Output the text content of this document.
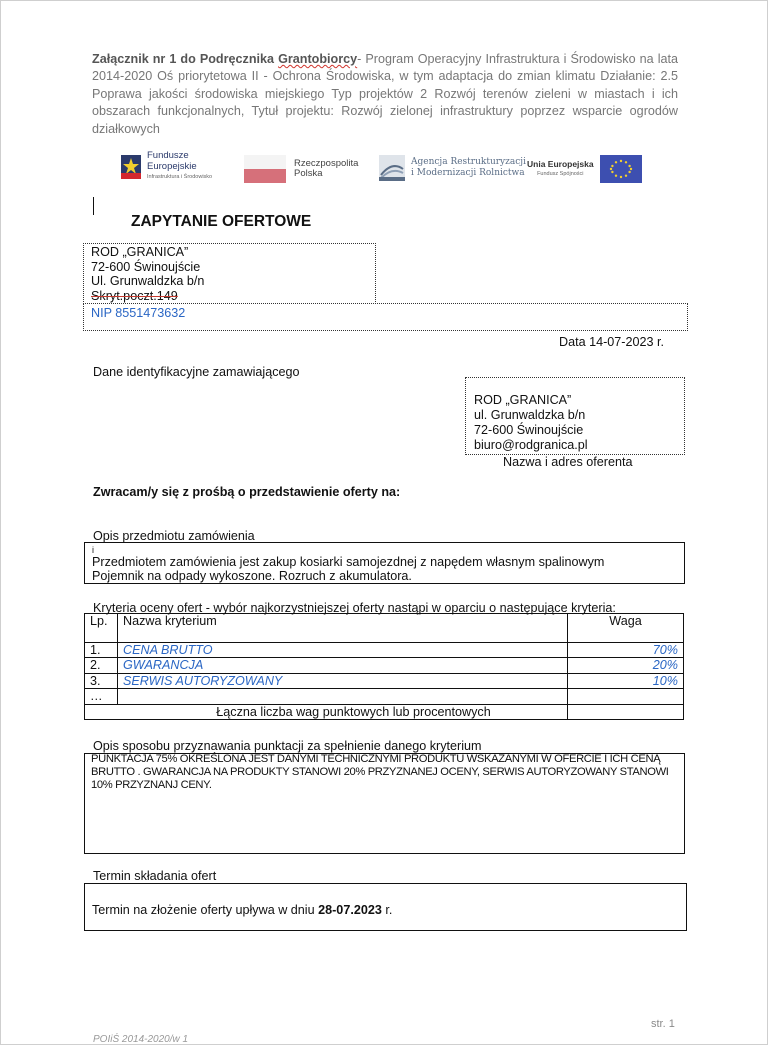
Załącznik nr 1 do Podręcznika Grantobiorcy- Program Operacyjny Infrastruktura i Środowisko na lata 2014-2020 Oś priorytetowa II - Ochrona Środowiska, w tym adaptacja do zmian klimatu Działanie: 2.5 Poprawa jakości środowiska miejskiego Typ projektów 2 Rozwój terenów zieleni w miastach i ich obszarach funkcjonalnych, Tytuł projektu: Rozwój zielonej infrastruktury poprzez wsparcie ogrodów działkowych
Fundusze
Europejskie
Infrastruktura i Środowisko
Rzeczpospolita
Polska
Agencja Restrukturyzacji
i Modernizacji Rolnictwa
Unia Europejska
Fundusz Spójności
ZAPYTANIE OFERTOWE
ROD „GRANICA”
72-600 Świnoujście
Ul. Grunwaldzka b/n
Skryt.poczt.149
NIP 8551473632
Data 14-07-2023 r.
Dane identyfikacyjne zamawiającego
ROD „GRANICA”
ul. Grunwaldzka b/n
72-600 Świnoujście
biuro@rodgranica.pl
Nazwa i adres oferenta
Zwracam/y się z prośbą o przedstawienie oferty na:
Opis przedmiotu zamówienia
i
Przedmiotem zamówienia jest zakup kosiarki samojezdnej z napędem własnym spalinowym
Pojemnik na odpady wykoszone. Rozruch z akumulatora.
Kryteria oceny ofert - wybór najkorzystniejszej oferty nastąpi w oparciu o następujące kryteria:
Lp.	Nazwa kryterium	Waga
1.	CENA BRUTTO	70%
2.	GWARANCJA	20%
3.	SERWIS AUTORYZOWANY	10%
…		
Łączna liczba wag punktowych lub procentowych		
Opis sposobu przyznawania punktacji za spełnienie danego kryterium
PUNKTACJA 75% OKREŚLONA JEST DANYMI TECHNICZNYMI PRODUKTU WSKAZANYMI W OFERCIE I ICH CENĄ BRUTTO . GWARANCJA NA PRODUKTY STANOWI 20% PRZYZNANEJ OCENY, SERWIS AUTORYZOWANY STANOWI 10% PRZYZNANJ CENY.
Termin składania ofert
Termin na złożenie oferty upływa w dniu 28-07.2023 r.
str. 1
POIiŚ 2014-2020/w 1
